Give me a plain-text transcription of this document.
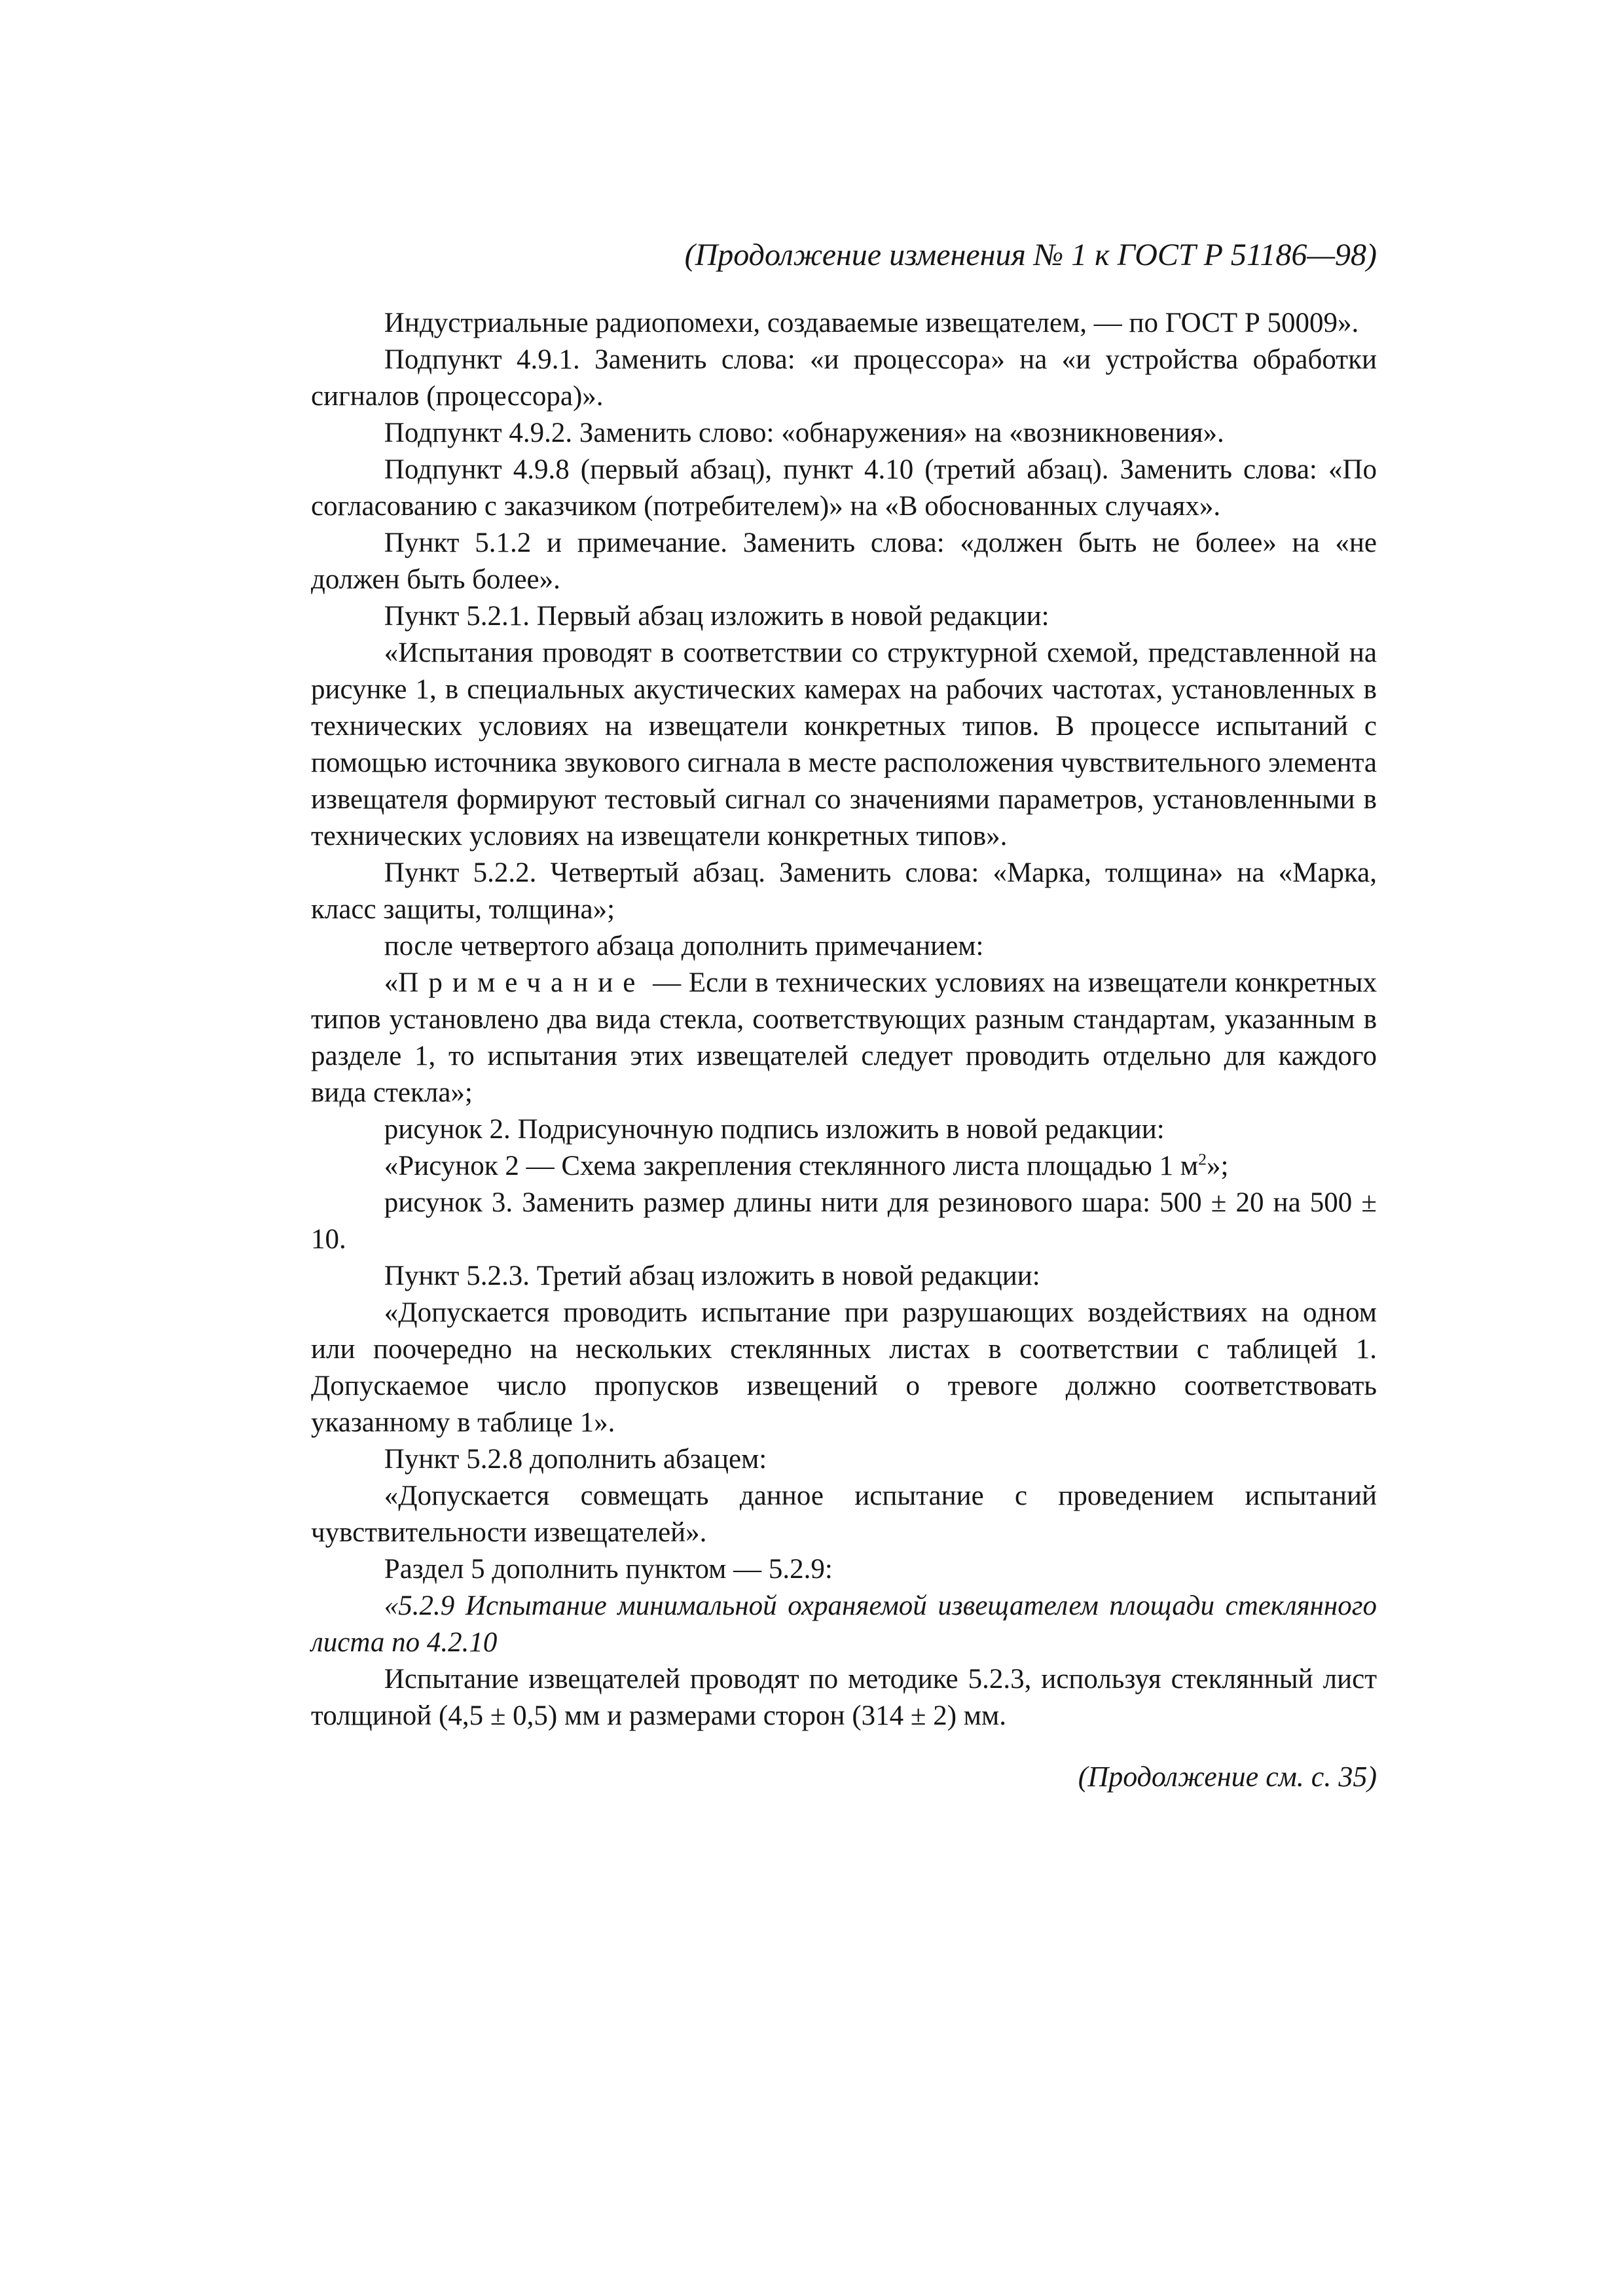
(Продолжение изменения № 1 к ГОСТ Р 51186—98)

Индустриальные радиопомехи, создаваемые извещателем, — по ГОСТ Р 50009».

Подпункт 4.9.1. Заменить слова: «и процессора» на «и устройства обработки сигналов (процессора)».

Подпункт 4.9.2. Заменить слово: «обнаружения» на «возникновения».

Подпункт 4.9.8 (первый абзац), пункт 4.10 (третий абзац). Заменить слова: «По согласованию с заказчиком (потребителем)» на «В обоснованных случаях».

Пункт 5.1.2 и примечание. Заменить слова: «должен быть не более» на «не должен быть более».

Пункт 5.2.1. Первый абзац изложить в новой редакции:

«Испытания проводят в соответствии со структурной схемой, представленной на рисунке 1, в специальных акустических камерах на рабочих частотах, установленных в технических условиях на извещатели конкретных типов. В процессе испытаний с помощью источника звукового сигнала в месте расположения чувствительного элемента извещателя формируют тестовый сигнал со значениями параметров, установленными в технических условиях на извещатели конкретных типов».

Пункт 5.2.2. Четвертый абзац. Заменить слова: «Марка, толщина» на «Марка, класс защиты, толщина»;

после четвертого абзаца дополнить примечанием:

«Примечание — Если в технических условиях на извещатели конкретных типов установлено два вида стекла, соответствующих разным стандартам, указанным в разделе 1, то испытания этих извещателей следует проводить отдельно для каждого вида стекла»;

рисунок 2. Подрисуночную подпись изложить в новой редакции:

«Рисунок 2 — Схема закрепления стеклянного листа площадью 1 $м^2$»;

рисунок 3. Заменить размер длины нити для резинового шара: 500 ± 20 на 500 ± 10.

Пункт 5.2.3. Третий абзац изложить в новой редакции:

«Допускается проводить испытание при разрушающих воздействиях на одном или поочередно на нескольких стеклянных листах в соответствии с таблицей 1. Допускаемое число пропусков извещений о тревоге должно соответствовать указанному в таблице 1».

Пункт 5.2.8 дополнить абзацем:

«Допускается совмещать данное испытание с проведением испытаний чувствительности извещателей».

Раздел 5 дополнить пунктом — 5.2.9:

«5.2.9 Испытание минимальной охраняемой извещателем площади стеклянного листа по 4.2.10

Испытание извещателей проводят по методике 5.2.3, используя стеклянный лист толщиной (4,5 ± 0,5) мм и размерами сторон (314 ± 2) мм.

(Продолжение см. с. 35)
